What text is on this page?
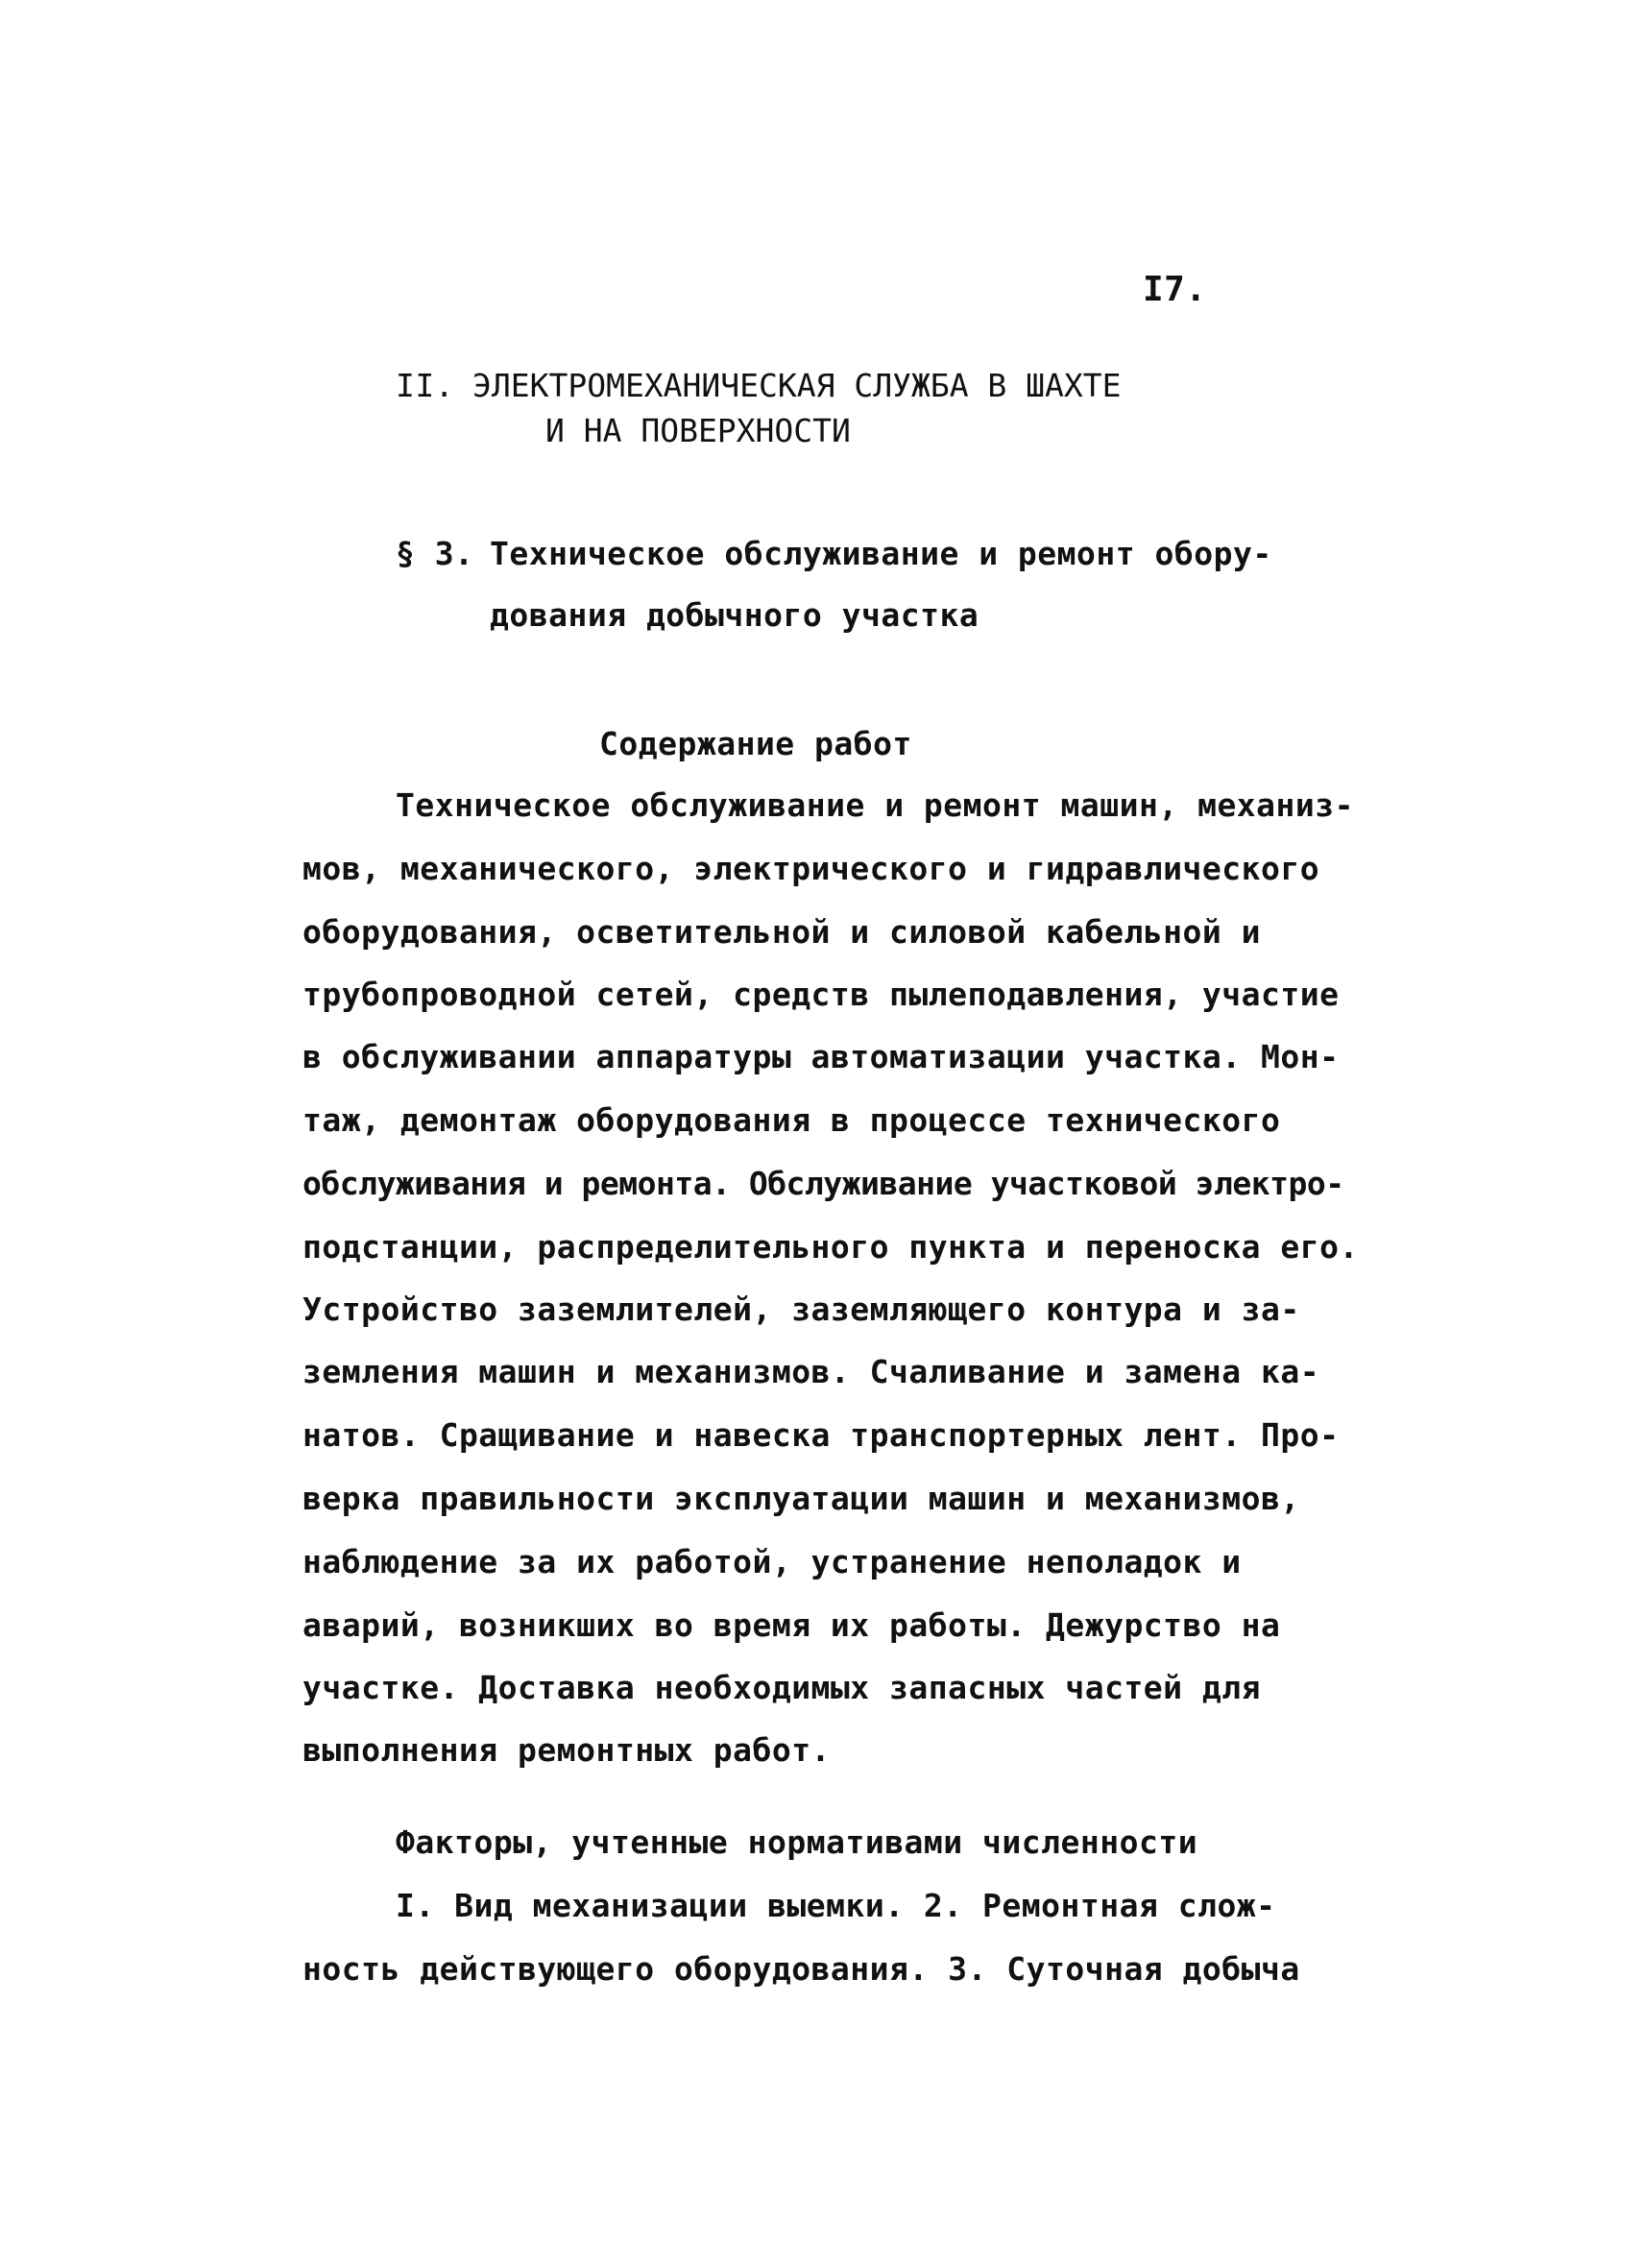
I7.
II. ЭЛЕКТРОМЕХАНИЧЕСКАЯ СЛУЖБА В ШАХТЕ
И НА ПОВЕРХНОСТИ
§ 3. Техническое обслуживание и ремонт обору-
дования добычного участка
Содержание работ
Техническое обслуживание и ремонт машин, механиз-
мов, механического, электрического и гидравлического
оборудования, осветительной и силовой кабельной и
трубопроводной сетей, средств пылеподавления, участие
в обслуживании аппаратуры автоматизации участка. Мон-
таж, демонтаж оборудования в процессе технического
обслуживания и ремонта. Обслуживание участковой электро-
подстанции, распределительного пункта и переноска его.
Устройство заземлителей, заземляющего контура и за-
земления машин и механизмов. Счаливание и замена ка-
натов. Сращивание и навеска транспортерных лент. Про-
верка правильности эксплуатации машин и механизмов,
наблюдение за их работой, устранение неполадок и
аварий, возникших во время их работы. Дежурство на
участке. Доставка необходимых запасных частей для
выполнения ремонтных работ.
Факторы, учтенные нормативами численности
I. Вид механизации выемки. 2. Ремонтная слож-
ность действующего оборудования. 3. Суточная добыча
